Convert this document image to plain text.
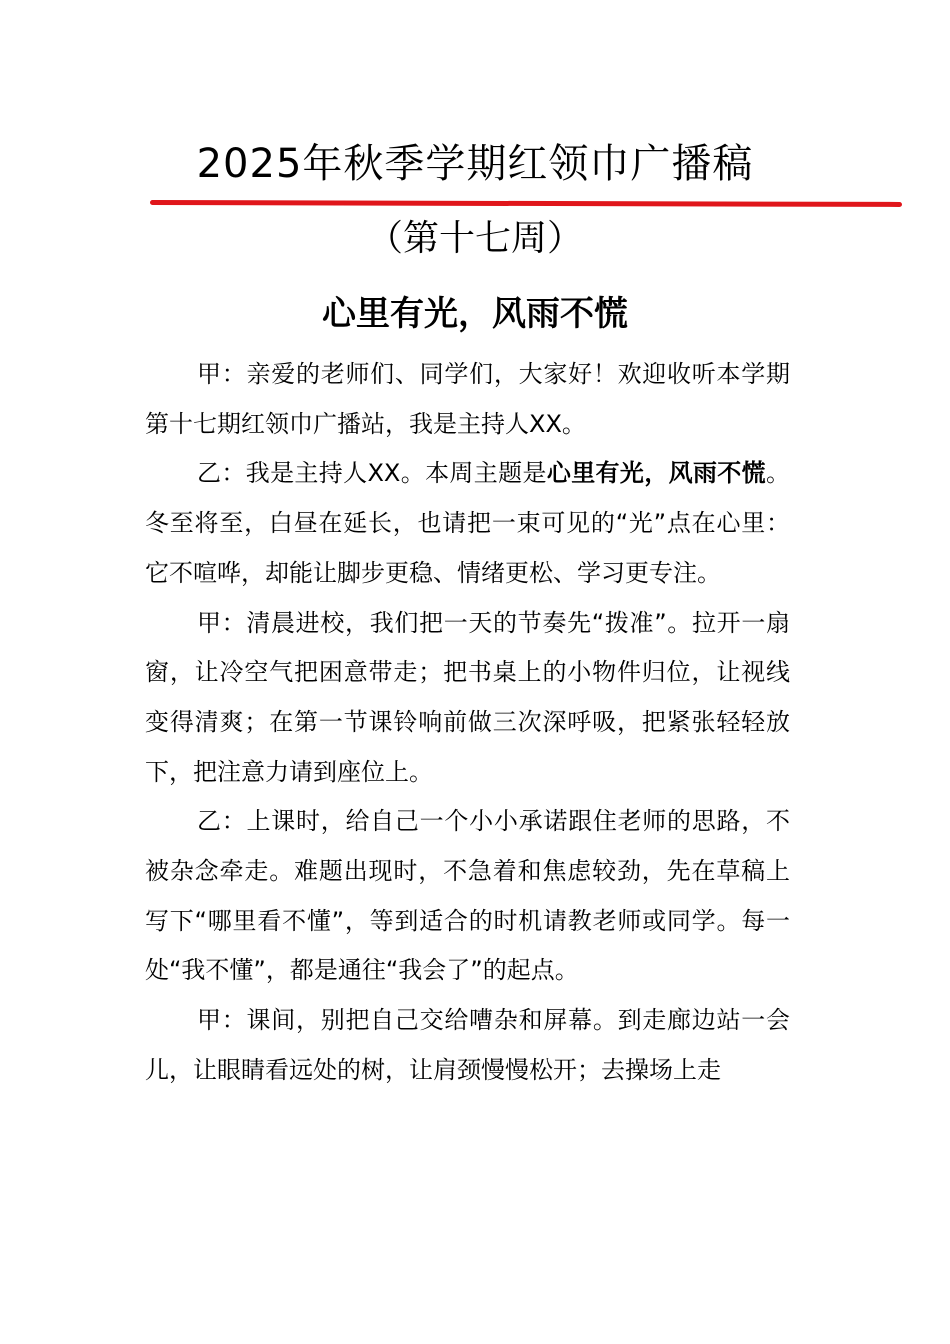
2025年秋季学期红领巾广播稿
（第十七周）
心里有光，风雨不慌

甲：亲爱的老师们、同学们，大家好！欢迎收听本学期第十七期红领巾广播站，我是主持人XX。

乙：我是主持人XX。本周主题是心里有光，风雨不慌。冬至将至，白昼在延长，也请把一束可见的“光”点在心里：它不喧哗，却能让脚步更稳、情绪更松、学习更专注。

甲：清晨进校，我们把一天的节奏先“拨准”。拉开一扇窗，让冷空气把困意带走；把书桌上的小物件归位，让视线变得清爽；在第一节课铃响前做三次深呼吸，把紧张轻轻放下，把注意力请到座位上。

乙：上课时，给自己一个小小承诺跟住老师的思路，不被杂念牵走。难题出现时，不急着和焦虑较劲，先在草稿上写下“哪里看不懂”，等到适合的时机请教老师或同学。每一处“我不懂”，都是通往“我会了”的起点。

甲：课间，别把自己交给嘈杂和屏幕。到走廊边站一会儿，让眼睛看远处的树，让肩颈慢慢松开；去操场上走
